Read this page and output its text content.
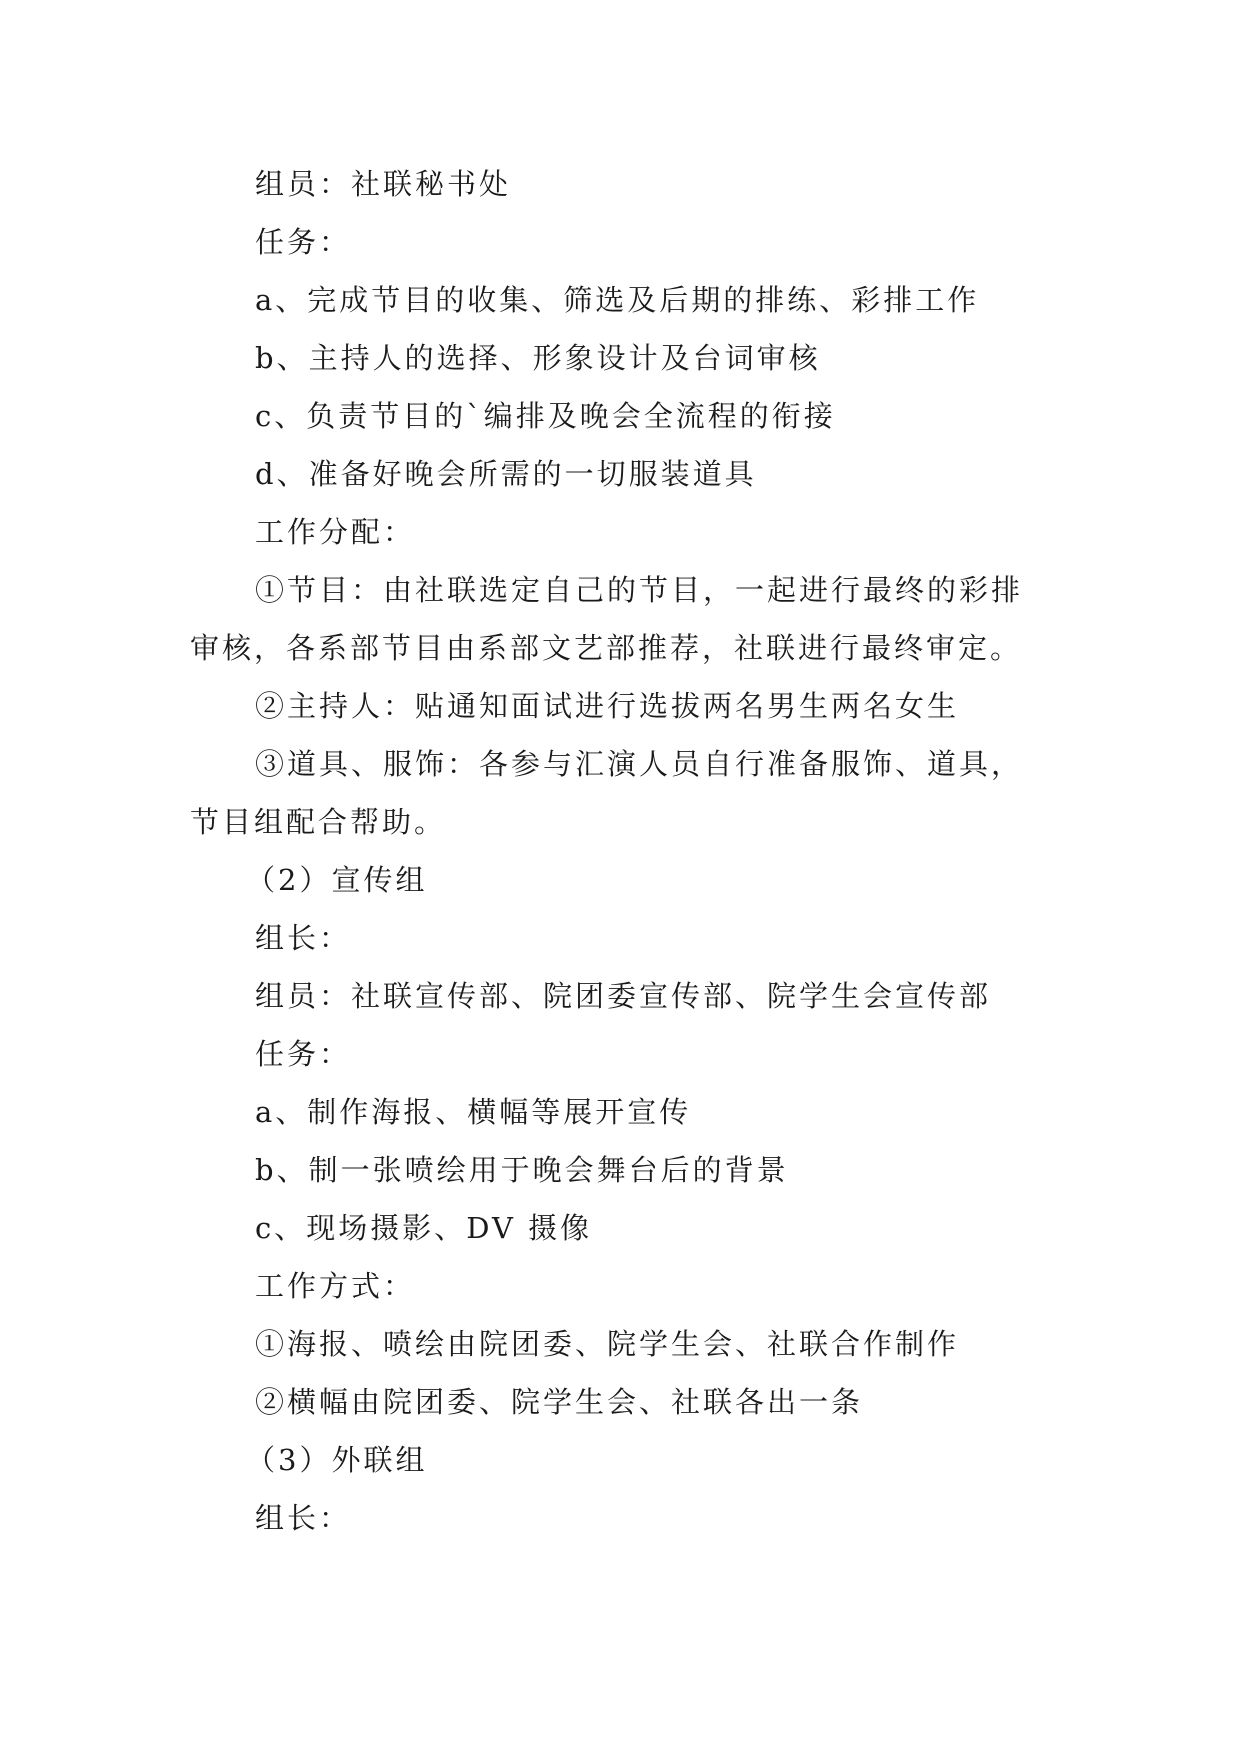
组员：社联秘书处
任务：
a、完成节目的收集、筛选及后期的排练、彩排工作
b、主持人的选择、形象设计及台词审核
c、负责节目的`编排及晚会全流程的衔接
d、准备好晚会所需的一切服装道具
工作分配：
①节目：由社联选定自己的节目，一起进行最终的彩排
审核，各系部节目由系部文艺部推荐，社联进行最终审定。
②主持人：贴通知面试进行选拔两名男生两名女生
③道具、服饰：各参与汇演人员自行准备服饰、道具，
节目组配合帮助。
（2）宣传组
组长：
组员：社联宣传部、院团委宣传部、院学生会宣传部
任务：
a、制作海报、横幅等展开宣传
b、制一张喷绘用于晚会舞台后的背景
c、现场摄影、DV 摄像
工作方式：
①海报、喷绘由院团委、院学生会、社联合作制作
②横幅由院团委、院学生会、社联各出一条
（3）外联组
组长：
